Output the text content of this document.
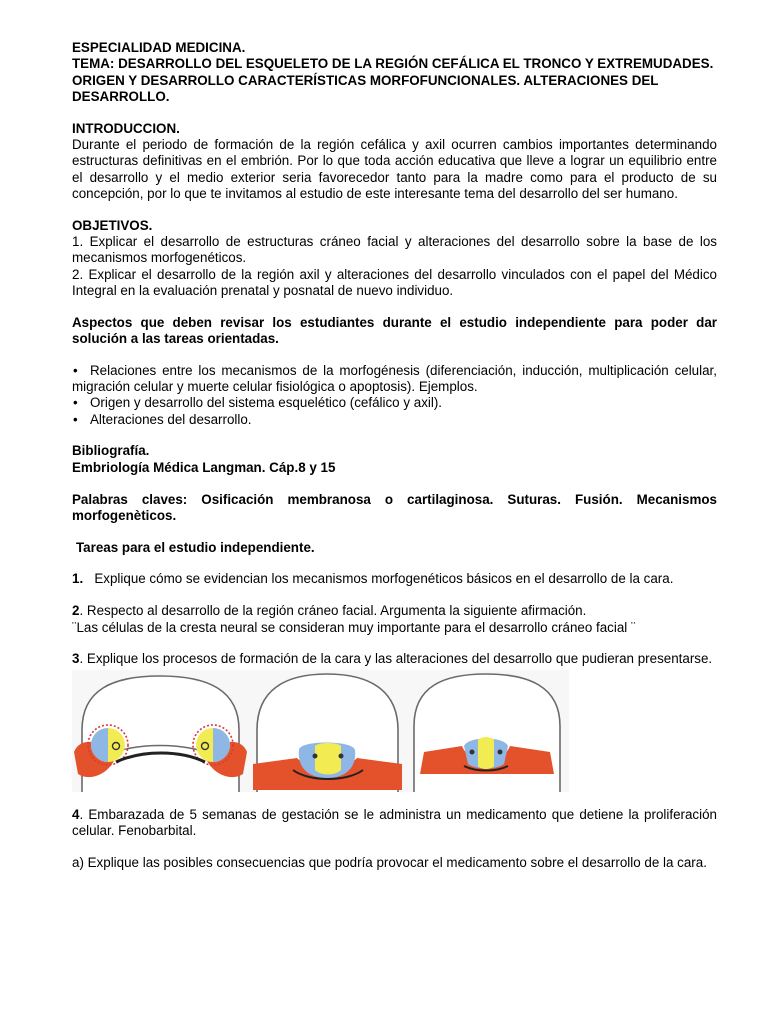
ESPECIALIDAD MEDICINA.

TEMA: DESARROLLO DEL ESQUELETO DE LA REGIÓN CEFÁLICA EL TRONCO Y EXTREMUDADES. ORIGEN Y DESARROLLO CARACTERÍSTICAS MORFOFUNCIONALES. ALTERACIONES DEL DESARROLLO.

INTRODUCCION.

Durante el periodo de formación de la región cefálica y axil ocurren cambios importantes determinando estructuras definitivas en el embrión. Por lo que toda acción educativa que lleve a lograr un equilibrio entre el desarrollo y el medio exterior seria favorecedor tanto para la madre como para el producto de su concepción, por lo que te invitamos al estudio de este interesante tema del desarrollo del ser humano.

OBJETIVOS.

1. Explicar el desarrollo de estructuras cráneo facial y alteraciones del desarrollo sobre la base de los mecanismos morfogenéticos.

2. Explicar el desarrollo de la región axil y alteraciones del desarrollo vinculados con el papel del Médico Integral en la evaluación prenatal y posnatal de nuevo individuo.

Aspectos que deben revisar los estudiantes durante el estudio independiente para poder dar solución a las tareas orientadas.

• Relaciones entre los mecanismos de la morfogénesis (diferenciación, inducción, multiplicación celular, migración celular y muerte celular fisiológica o apoptosis). Ejemplos.
• Origen y desarrollo del sistema esquelético (cefálico y axil).
• Alteraciones del desarrollo.

Bibliografía.

Embriología Médica Langman. Cáp.8 y 15

Palabras claves: Osificación membranosa o cartilaginosa. Suturas. Fusión. Mecanismos morfogenèticos.

Tareas para el estudio independiente.

1. Explique cómo se evidencian los mecanismos morfogenéticos básicos en el desarrollo de la cara.

2. Respecto al desarrollo de la región cráneo facial. Argumenta la siguiente afirmación.

¨Las células de la cresta neural se consideran muy importante para el desarrollo cráneo facial ¨

3. Explique los procesos de formación de la cara y las alteraciones del desarrollo que pudieran presentarse.

4. Embarazada de 5 semanas de gestación se le administra un medicamento que detiene la proliferación celular. Fenobarbital.

a) Explique las posibles consecuencias que podría provocar el medicamento sobre el desarrollo de la cara.
